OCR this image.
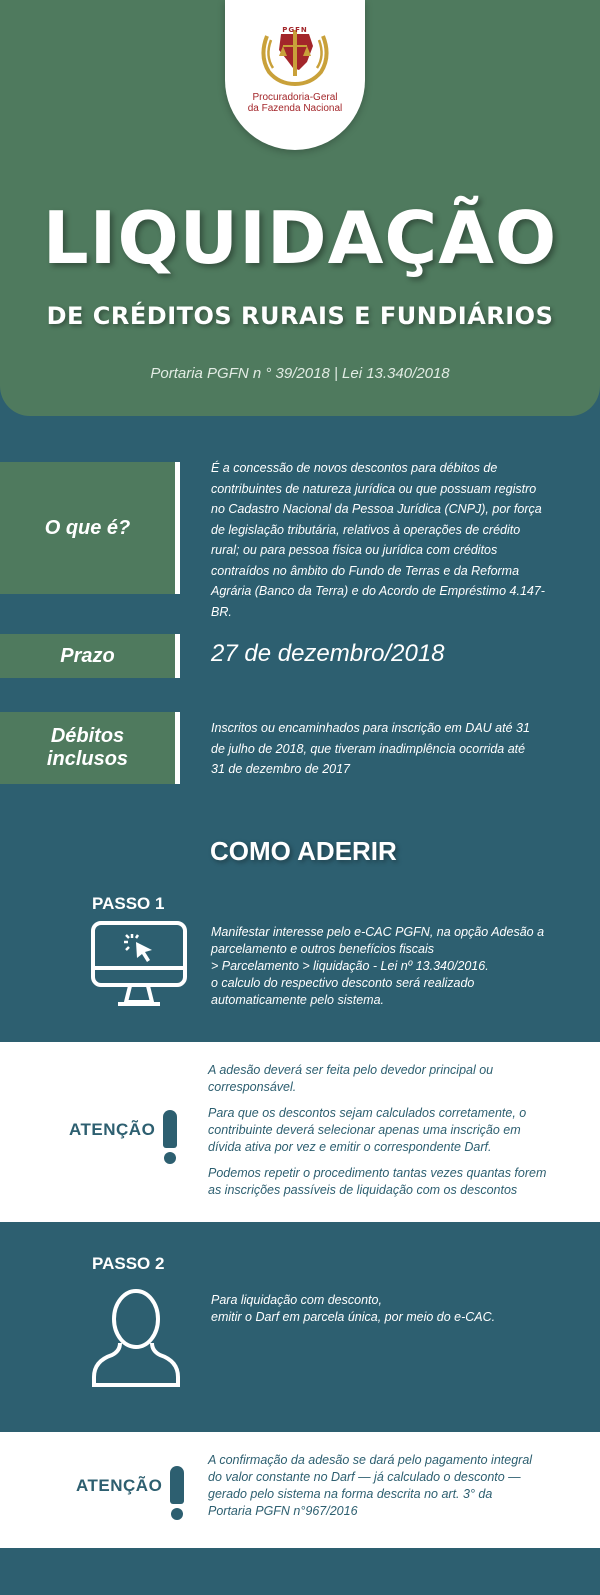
PGFN
Procuradoria-Geral
da Fazenda Nacional
LIQUIDAÇÃO
DE CRÉDITOS RURAIS E FUNDIÁRIOS
Portaria PGFN n ° 39/2018 | Lei 13.340/2018
O que é?
É a concessão de novos descontos para débitos de contribuintes de natureza jurídica ou que possuam registro no Cadastro Nacional da Pessoa Jurídica (CNPJ), por força de legislação tributária, relativos à operações de crédito rural; ou para pessoa física ou jurídica com créditos contraídos no âmbito do Fundo de Terras e da Reforma Agrária (Banco da Terra) e do Acordo de Empréstimo 4.147-BR.
Prazo	27 de dezembro/2018
Débitos
inclusos
Inscritos ou encaminhados para inscrição em DAU até 31 de julho de 2018, que tiveram inadimplência ocorrida até 31 de dezembro de 2017
COMO ADERIR
PASSO 1
Manifestar interesse pelo e-CAC PGFN, na opção Adesão a
parcelamento e outros benefícios fiscais
> Parcelamento > liquidação - Lei nº 13.340/2016.
o calculo do respectivo desconto será realizado
automaticamente pelo sistema.
ATENÇÃO

A adesão deverá ser feita pelo devedor principal ou corresponsável.

Para que os descontos sejam calculados corretamente, o contribuinte deverá selecionar apenas uma inscrição em dívida ativa por vez e emitir o correspondente Darf.

Podemos repetir o procedimento tantas vezes quantas forem as inscrições passíveis de liquidação com os descontos

PASSO 2
Para liquidação com desconto,
emitir o Darf em parcela única, por meio do e-CAC.
ATENÇÃO

A confirmação da adesão se dará pelo pagamento integral do valor constante no Darf — já calculado o desconto — gerado pelo sistema na forma descrita no art. 3° da Portaria PGFN n°967/2016
